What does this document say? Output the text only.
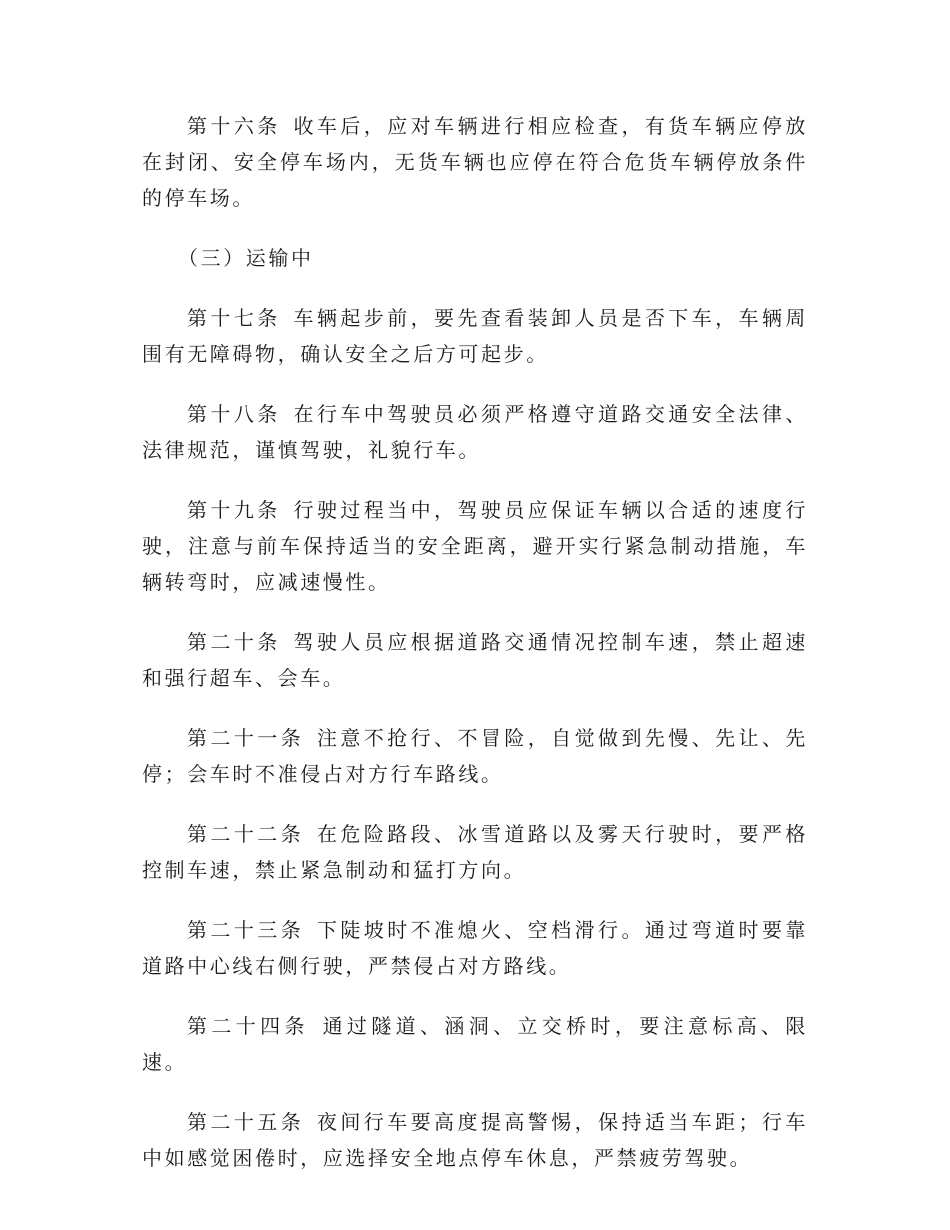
第十六条 收车后，应对车辆进行相应检查，有货车辆应停放在封闭、安全停车场内，无货车辆也应停在符合危货车辆停放条件的停车场。

（三）运输中

第十七条 车辆起步前，要先查看装卸人员是否下车，车辆周围有无障碍物，确认安全之后方可起步。

第十八条 在行车中驾驶员必须严格遵守道路交通安全法律、法律规范，谨慎驾驶，礼貌行车。

第十九条 行驶过程当中，驾驶员应保证车辆以合适的速度行驶，注意与前车保持适当的安全距离，避开实行紧急制动措施，车辆转弯时，应减速慢性。

第二十条 驾驶人员应根据道路交通情况控制车速，禁止超速和强行超车、会车。

第二十一条 注意不抢行、不冒险，自觉做到先慢、先让、先停；会车时不准侵占对方行车路线。

第二十二条 在危险路段、冰雪道路以及雾天行驶时，要严格控制车速，禁止紧急制动和猛打方向。

第二十三条 下陡坡时不准熄火、空档滑行。通过弯道时要靠道路中心线右侧行驶，严禁侵占对方路线。

第二十四条 通过隧道、涵洞、立交桥时，要注意标高、限速。

第二十五条 夜间行车要高度提高警惕，保持适当车距；行车中如感觉困倦时，应选择安全地点停车休息，严禁疲劳驾驶。
